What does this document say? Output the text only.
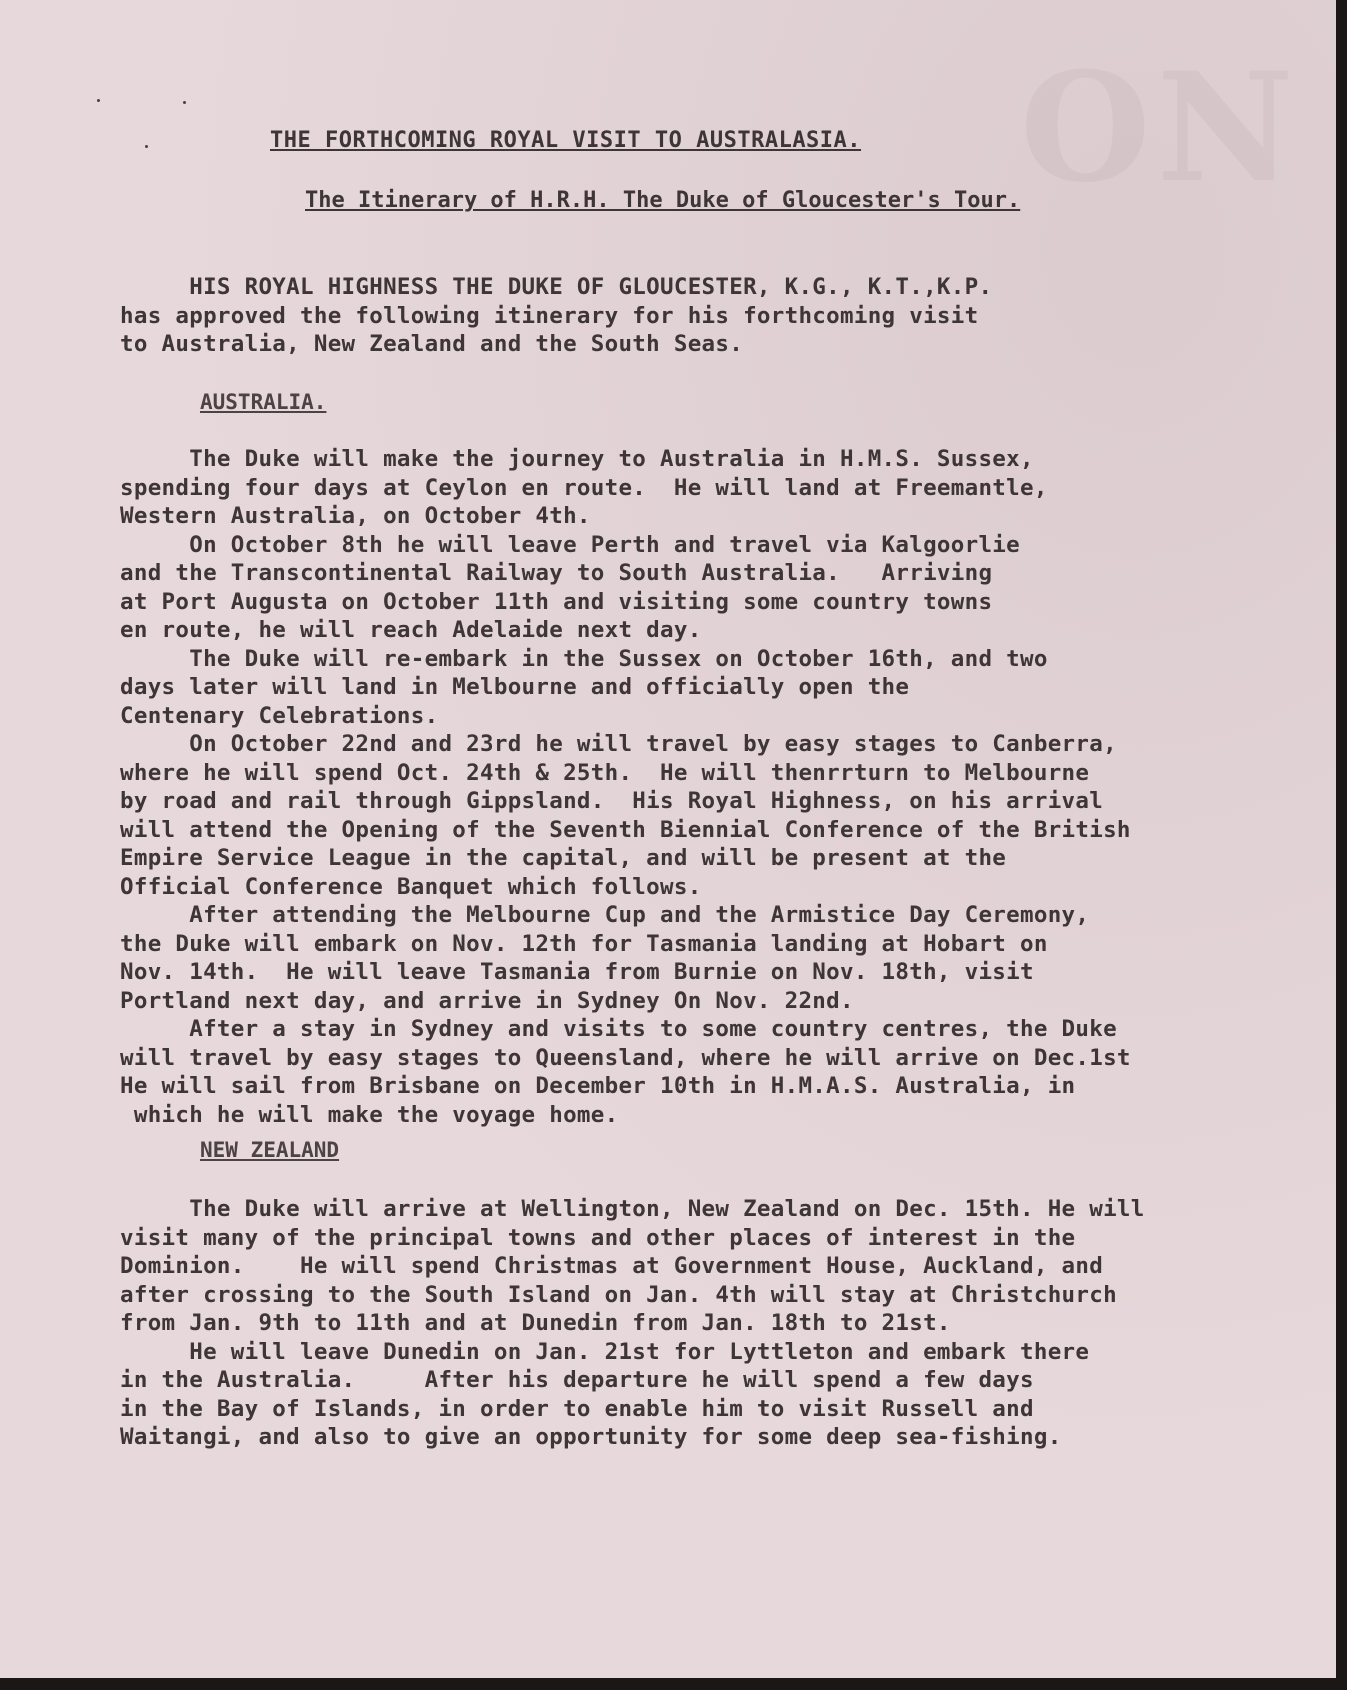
ON
THE FORTHCOMING ROYAL VISIT TO AUSTRALASIA.
The Itinerary of H.R.H. The Duke of Gloucester's Tour.
HIS ROYAL HIGHNESS THE DUKE OF GLOUCESTER, K.G., K.T.,K.P.
has approved the following itinerary for his forthcoming visit
to Australia, New Zealand and the South Seas.
AUSTRALIA.
The Duke will make the journey to Australia in H.M.S. Sussex,
spending four days at Ceylon en route.  He will land at Freemantle,
Western Australia, on October 4th.
On October 8th he will leave Perth and travel via Kalgoorlie
and the Transcontinental Railway to South Australia.   Arriving
at Port Augusta on October 11th and visiting some country towns
en route, he will reach Adelaide next day.
The Duke will re-embark in the Sussex on October 16th, and two
days later will land in Melbourne and officially open the
Centenary Celebrations.
On October 22nd and 23rd he will travel by easy stages to Canberra,
where he will spend Oct. 24th & 25th.  He will thenrrturn to Melbourne
by road and rail through Gippsland.  His Royal Highness, on his arrival
will attend the Opening of the Seventh Biennial Conference of the British
Empire Service League in the capital, and will be present at the
Official Conference Banquet which follows.
After attending the Melbourne Cup and the Armistice Day Ceremony,
the Duke will embark on Nov. 12th for Tasmania landing at Hobart on
Nov. 14th.  He will leave Tasmania from Burnie on Nov. 18th, visit
Portland next day, and arrive in Sydney On Nov. 22nd.
After a stay in Sydney and visits to some country centres, the Duke
will travel by easy stages to Queensland, where he will arrive on Dec.1st
He will sail from Brisbane on December 10th in H.M.A.S. Australia, in
which he will make the voyage home.
NEW ZEALAND
The Duke will arrive at Wellington, New Zealand on Dec. 15th. He will
visit many of the principal towns and other places of interest in the
Dominion.    He will spend Christmas at Government House, Auckland, and
after crossing to the South Island on Jan. 4th will stay at Christchurch
from Jan. 9th to 11th and at Dunedin from Jan. 18th to 21st.
He will leave Dunedin on Jan. 21st for Lyttleton and embark there
in the Australia.     After his departure he will spend a few days
in the Bay of Islands, in order to enable him to visit Russell and
Waitangi, and also to give an opportunity for some deep sea-fishing.
